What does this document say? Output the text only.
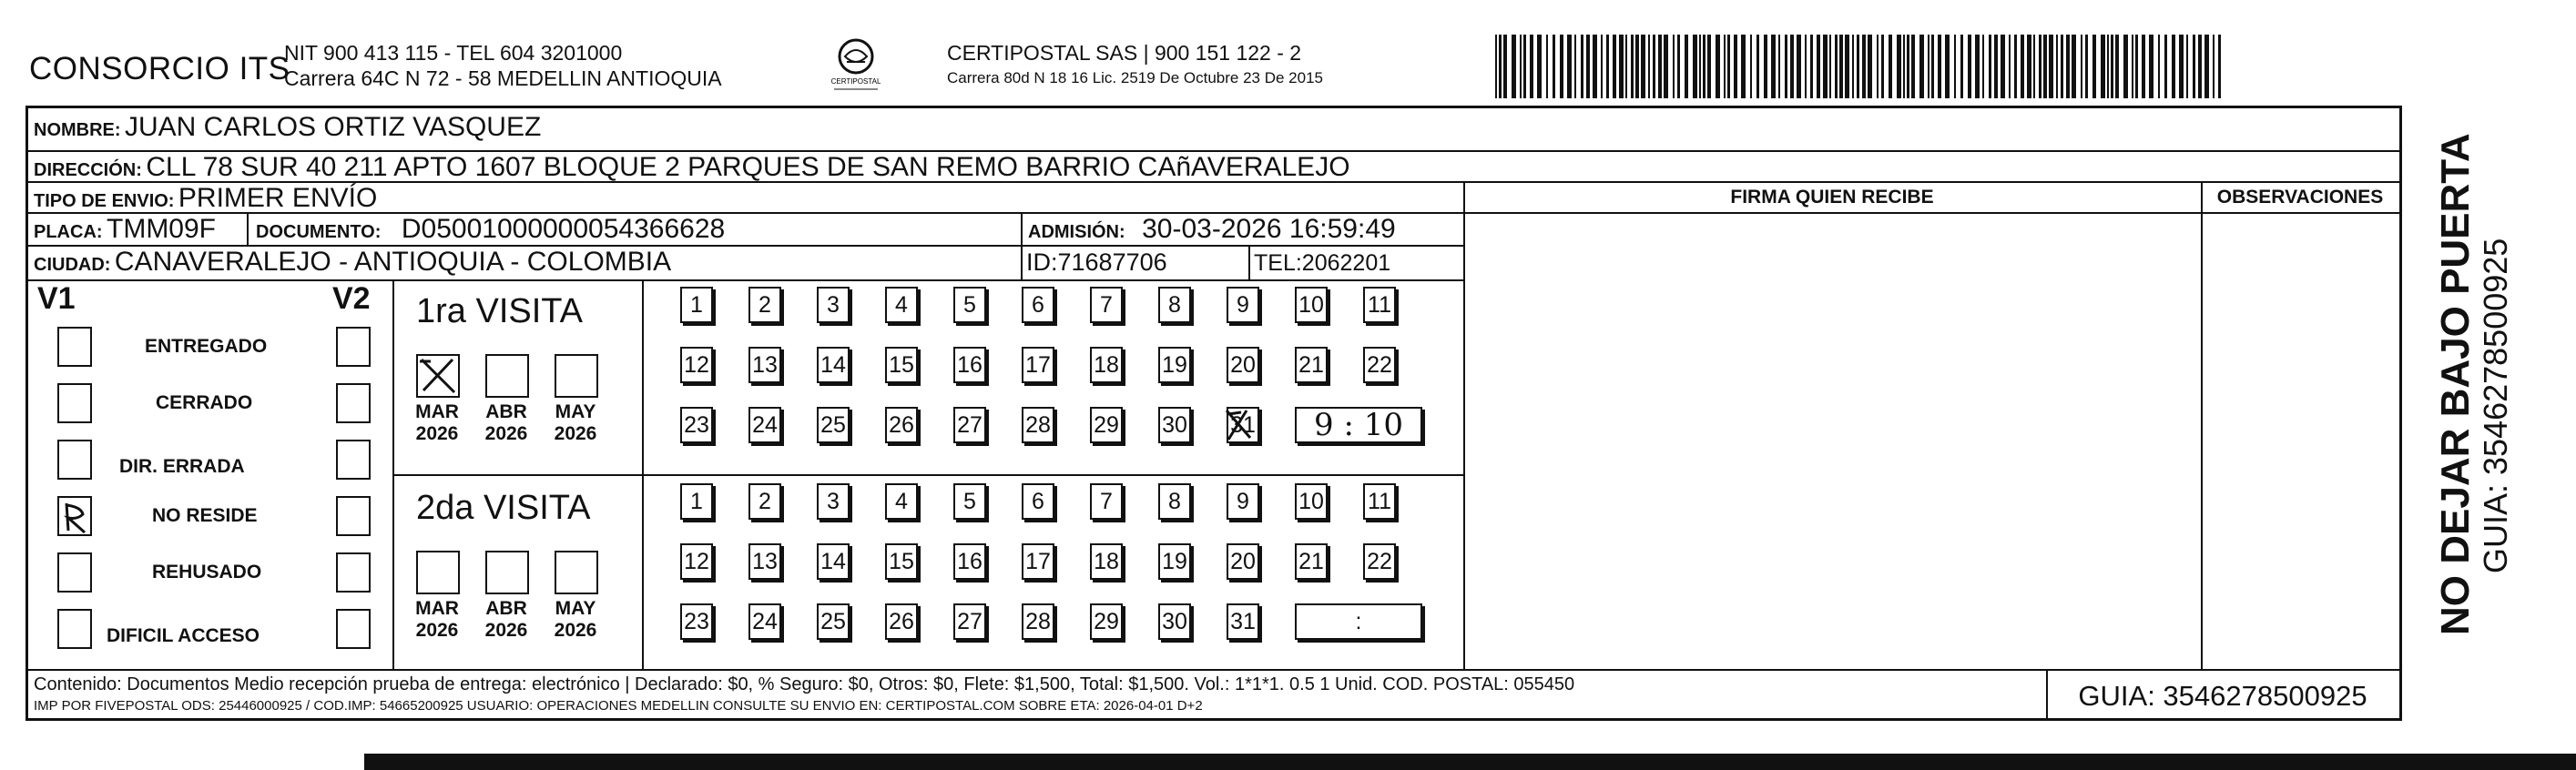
CONSORCIO ITS
NIT 900 413 115 - TEL 604 3201000
Carrera 64C N 72 - 58 MEDELLIN ANTIOQUIA	CERTIPOSTAL
CERTIPOSTAL SAS | 900 151 122 - 2
Carrera 80d N 18 16 Lic. 2519 De Octubre 23 De 2015
NOMBRE: JUAN CARLOS ORTIZ VASQUEZ
DIRECCIÓN: CLL 78 SUR 40 211 APTO 1607 BLOQUE 2 PARQUES DE SAN REMO BARRIO CAñAVERALEJO
TIPO DE ENVIO: PRIMER ENVÍO	FIRMA QUIEN RECIBE	OBSERVACIONES
PLACA: TMM09F DOCUMENTO: D05001000000054366628	ADMISIÓN: 30-03-2026 16:59:49
CIUDAD: CANAVERALEJO - ANTIOQUIA - COLOMBIA	ID:71687706	TEL:2062201
V1	V2
ENTREGADO
CERRADO
DIR. ERRADA
NO RESIDE
REHUSADO
DIFICIL ACCESO
1ra VISITA
2da VISITA
MAR
2026
ABR
2026
MAY
2026
MAR
2026
ABR
2026
MAY
2026
1	2	3	4	5	6	7	8	9	10 11
12 13 14 15 16 17 18 19 20 21 22
23 24 25 26 27 28 29 30 31	9 : 10
1	2	3	4	5	6	7	8	9	10 11
12 13 14 15 16 17 18 19 20 21 22
23 24 25 26 27 28 29 30 31	:
Contenido: Documentos Medio recepción prueba de entrega: electrónico | Declarado: $0, % Seguro: $0, Otros: $0, Flete: $1,500, Total: $1,500. Vol.: 1*1*1. 0.5 1 Unid. COD. POSTAL: 055450
IMP POR FIVEPOSTAL ODS: 25446000925 / COD.IMP: 54665200925 USUARIO: OPERACIONES MEDELLIN CONSULTE SU ENVIO EN: CERTIPOSTAL.COM SOBRE ETA: 2026-04-01 D+2	GUIA: 3546278500925
NO DEJAR BAJO PUERTA GUIA: 3546278500925
